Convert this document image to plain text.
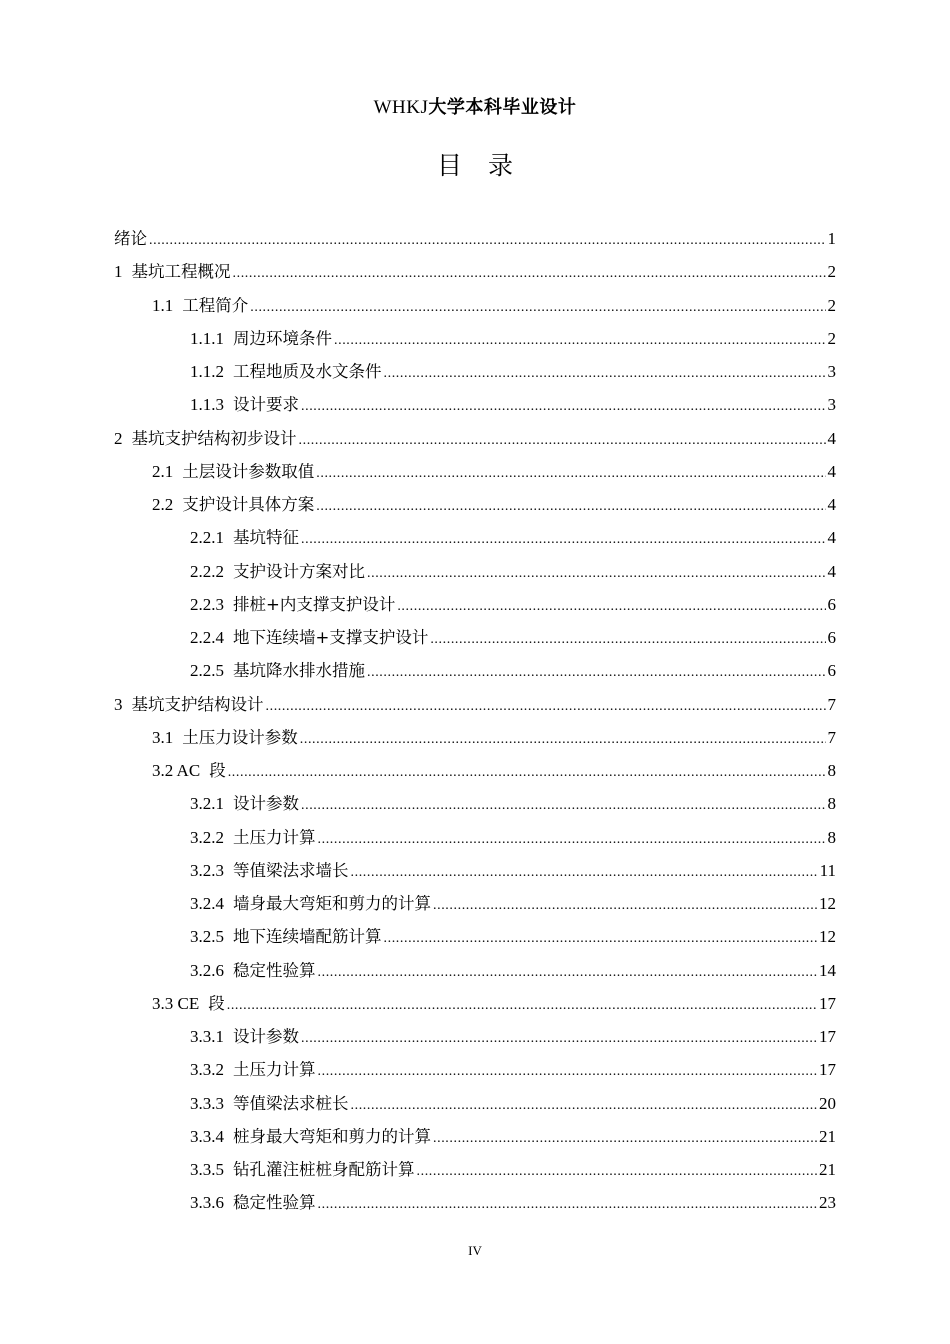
WHKJ大学本科毕业设计
目录
绪论 .....	1
1 基坑工程概况 .....	2
1.1 工程简介 .....	2
1.1.1 周边环境条件 .....	2
1.1.2 工程地质及水文条件 .....	3
1.1.3 设计要求 .....	3
2 基坑支护结构初步设计 .....	4
2.1 土层设计参数取值 .....	4
2.2 支护设计具体方案 .....	4
2.2.1 基坑特征 .....	4
2.2.2 支护设计方案对比 .....	4
2.2.3 排桩+内支撑支护设计 .....	6
2.2.4 地下连续墙+支撑支护设计 .....	6
2.2.5 基坑降水排水措施 .....	6
3 基坑支护结构设计 .....	7
3.1 土压力设计参数 .....	7
3.2 AC 段 .....	8
3.2.1 设计参数 .....	8
3.2.2 土压力计算 .....	8
3.2.3 等值梁法求墙长 .....	11
3.2.4 墙身最大弯矩和剪力的计算 .....	12
3.2.5 地下连续墙配筋计算 .....	12
3.2.6 稳定性验算 .....	14
3.3 CE 段 .....	17
3.3.1 设计参数 .....	17
3.3.2 土压力计算 .....	17
3.3.3 等值梁法求桩长 .....	20
3.3.4 桩身最大弯矩和剪力的计算 .....	21
3.3.5 钻孔灌注桩桩身配筋计算 .....	21
3.3.6 稳定性验算 .....	23
IV
